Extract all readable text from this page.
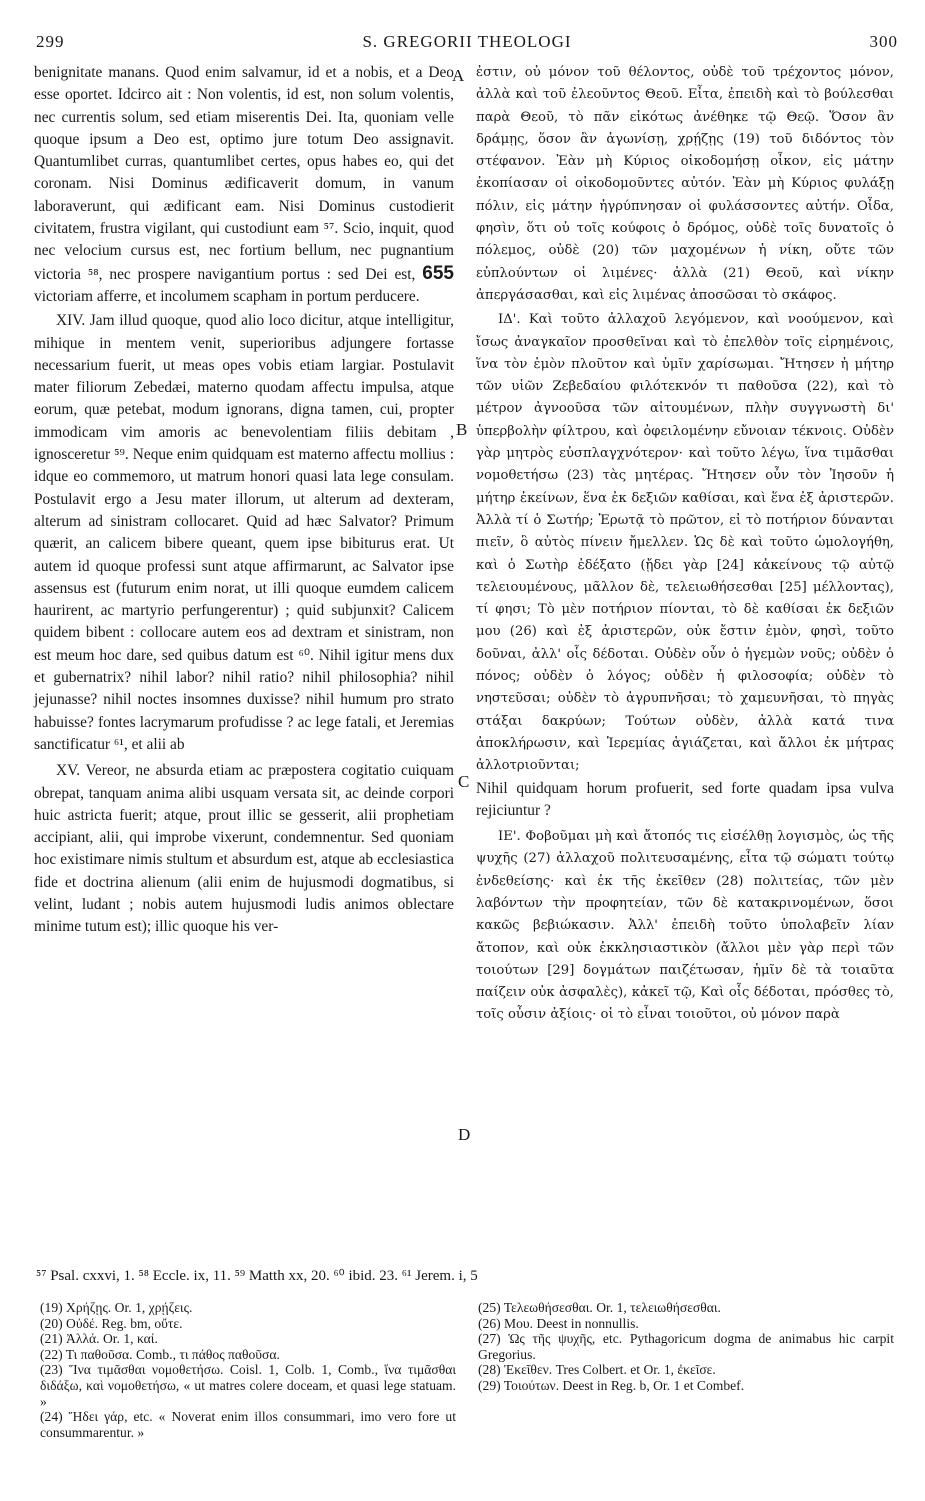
299	S. GREGORII THEOLOGI	300

benignitate manans. Quod enim salvamur, id et a nobis, et a Deo esse oportet. Idcirco ait : Non volentis, id est, non solum volentis, nec currentis solum, sed etiam miserentis Dei. Ita, quoniam velle quoque ipsum a Deo est, optimo jure totum Deo assignavit. Quantumlibet curras, quantumlibet certes, opus habes eo, qui det coronam. Nisi Dominus ædificaverit domum, in vanum laboraverunt, qui ædificant eam. Nisi Dominus custodierit civitatem, frustra vigilant, qui custodiunt eam ⁵⁷. Scio, inquit, quod nec velocium cursus est, nec fortium bellum, nec pugnantium victoria ⁵⁸, nec prospere navigantium portus : sed Dei est, 655 victoriam afferre, et incolumem scapham in portum perducere.

XIV. Jam illud quoque, quod alio loco dicitur, atque intelligitur, mihique in mentem venit, superioribus adjungere fortasse necessarium fuerit, ut meas opes vobis etiam largiar. Postulavit mater filiorum Zebedæi, materno quodam affectu impulsa, atque eorum, quæ petebat, modum ignorans, digna tamen, cui, propter immodicam vim amoris ac benevolentiam filiis debitam , ignosceretur ⁵⁹. Neque enim quidquam est materno affectu mollius : idque eo commemoro, ut matrum honori quasi lata lege consulam. Postulavit ergo a Jesu mater illorum, ut alterum ad dexteram, alterum ad sinistram collocaret. Quid ad hæc Salvator? Primum quærit, an calicem bibere queant, quem ipse bibiturus erat. Ut autem id quoque professi sunt atque affirmarunt, ac Salvator ipse assensus est (futurum enim norat, ut illi quoque eumdem calicem haurirent, ac martyrio perfungerentur) ; quid subjunxit? Calicem quidem bibent : collocare autem eos ad dextram et sinistram, non est meum hoc dare, sed quibus datum est ⁶⁰. Nihil igitur mens dux et gubernatrix? nihil labor? nihil ratio? nihil philosophia? nihil jejunasse? nihil noctes insomnes duxisse? nihil humum pro strato habuisse? fontes lacrymarum profudisse ? ac lege fatali, et Jeremias sanctificatur ⁶¹, et alii ab

XV. Vereor, ne absurda etiam ac præpostera cogitatio cuiquam obrepat, tanquam anima alibi usquam versata sit, ac deinde corpori huic astricta fuerit; atque, prout illic se gesserit, alii prophetiam accipiant, alii, qui improbe vixerunt, condemnentur. Sed quoniam hoc existimare nimis stultum et absurdum est, atque ab ecclesiastica fide et doctrina alienum (alii enim de hujusmodi dogmatibus, si velint, ludant ; nobis autem hujusmodi ludis animos oblectare minime tutum est); illic quoque his ver-

A
B
C
D

ἐστιν, οὐ μόνον τοῦ θέλοντος, οὐδὲ τοῦ τρέχοντος μόνον, ἀλλὰ καὶ τοῦ ἐλεοῦντος Θεοῦ. Εἶτα, ἐπειδὴ καὶ τὸ βούλεσθαι παρὰ Θεοῦ, τὸ πᾶν εἰκότως ἀνέθηκε τῷ Θεῷ. Ὅσον ἂν δράμῃς, ὅσον ἂν ἀγωνίσῃ, χρῄζῃς (19) τοῦ διδόντος τὸν στέφανον. Ἐὰν μὴ Κύριος οἰκοδομήσῃ οἶκον, εἰς μάτην ἐκοπίασαν οἱ οἰκοδομοῦντες αὐτόν. Ἐὰν μὴ Κύριος φυλάξῃ πόλιν, εἰς μάτην ἠγρύπνησαν οἱ φυλάσσοντες αὐτήν. Οἶδα, φησὶν, ὅτι οὐ τοῖς κούφοις ὁ δρόμος, οὐδὲ τοῖς δυνατοῖς ὁ πόλεμος, οὐδὲ (20) τῶν μαχομένων ἡ νίκη, οὔτε τῶν εὐπλούντων οἱ λιμένες· ἀλλὰ (21) Θεοῦ, καὶ νίκην ἀπεργάσασθαι, καὶ εἰς λιμένας ἀποσῶσαι τὸ σκάφος.

ΙΔ'. Καὶ τοῦτο ἀλλαχοῦ λεγόμενον, καὶ νοούμενον, καὶ ἴσως ἀναγκαῖον προσθεῖναι καὶ τὸ ἐπελθὸν τοῖς εἰρημένοις, ἵνα τὸν ἐμὸν πλοῦτον καὶ ὑμῖν χαρίσωμαι. Ἤτησεν ἡ μήτηρ τῶν υἱῶν Ζεβεδαίου φιλότεκνόν τι παθοῦσα (22), καὶ τὸ μέτρον ἀγνοοῦσα τῶν αἰτουμένων, πλὴν συγγνωστὴ δι' ὑπερβολὴν φίλτρου, καὶ ὀφειλομένην εὔνοιαν τέκνοις. Οὐδὲν γὰρ μητρὸς εὐσπλαγχνότερον· καὶ τοῦτο λέγω, ἵνα τιμᾶσθαι νομοθετήσω (23) τὰς μητέρας. Ἤτησεν οὖν τὸν Ἰησοῦν ἡ μήτηρ ἐκείνων, ἕνα ἐκ δεξιῶν καθίσαι, καὶ ἕνα ἐξ ἀριστερῶν. Ἀλλὰ τί ὁ Σωτήρ; Ἐρωτᾷ τὸ πρῶτον, εἰ τὸ ποτήριον δύνανται πιεῖν, ὃ αὐτὸς πίνειν ἤμελλεν. Ὡς δὲ καὶ τοῦτο ὡμολογήθη, καὶ ὁ Σωτὴρ ἐδέξατο (ᾔδει γὰρ [24] κἀκείνους τῷ αὐτῷ τελειουμένους, μᾶλλον δὲ, τελειωθήσεσθαι [25] μέλλοντας), τί φησι; Τὸ μὲν ποτήριον πίονται, τὸ δὲ καθίσαι ἐκ δεξιῶν μου (26) καὶ ἐξ ἀριστερῶν, οὐκ ἔστιν ἐμὸν, φησὶ, τοῦτο δοῦναι, ἀλλ' οἷς δέδοται. Οὐδὲν οὖν ὁ ἡγεμὼν νοῦς; οὐδὲν ὁ πόνος; οὐδὲν ὁ λόγος; οὐδὲν ἡ φιλοσοφία; οὐδὲν τὸ νηστεῦσαι; οὐδὲν τὸ ἀγρυπνῆσαι; τὸ χαμευνῆσαι, τὸ πηγὰς στάξαι δακρύων; Τούτων οὐδὲν, ἀλλὰ κατά τινα ἀποκλήρωσιν, καὶ Ἱερεμίας ἁγιάζεται, καὶ ἄλλοι ἐκ μήτρας ἀλλοτριοῦνται;

Nihil quidquam horum profuerit, sed forte quadam ipsa vulva rejiciuntur ?

ΙΕ'. Φοβοῦμαι μὴ καὶ ἄτοπός τις εἰσέλθῃ λογισμὸς, ὡς τῆς ψυχῆς (27) ἀλλαχοῦ πολιτευσαμένης, εἶτα τῷ σώματι τούτῳ ἐνδεθείσης· καὶ ἐκ τῆς ἐκεῖθεν (28) πολιτείας, τῶν μὲν λαβόντων τὴν προφητείαν, τῶν δὲ κατακρινομένων, ὅσοι κακῶς βεβιώκασιν. Ἀλλ' ἐπειδὴ τοῦτο ὑπολαβεῖν λίαν ἄτοπον, καὶ οὐκ ἐκκλησιαστικὸν (ἄλλοι μὲν γὰρ περὶ τῶν τοιούτων [29] δογμάτων παιζέτωσαν, ἡμῖν δὲ τὰ τοιαῦτα παίζειν οὐκ ἀσφαλὲς), κἀκεῖ τῷ, Καὶ οἷς δέδοται, πρόσθες τὸ, τοῖς οὖσιν ἀξίοις· οἱ τὸ εἶναι τοιοῦτοι, οὐ μόνον παρὰ

⁵⁷ Psal. cxxvi, 1. ⁵⁸ Eccle. ix, 11. ⁵⁹ Matth xx, 20. ⁶⁰ ibid. 23. ⁶¹ Jerem. i, 5

(19) Χρήζῃς. Or. 1, χρῄζεις.

(20) Οὐδέ. Reg. bm, οὔτε.

(21) Ἀλλά. Or. 1, καί.

(22) Τι παθοῦσα. Comb., τι πάθος παθοῦσα.

(23) Ἵνα τιμᾶσθαι νομοθετήσω. Coisl. 1, Colb. 1, Comb., ἵνα τιμᾶσθαι διδάξω, καὶ νομοθετήσω, « ut matres colere doceam, et quasi lege statuam. »

(24) Ἤδει γάρ, etc. « Noverat enim illos consummari, imo vero fore ut consummarentur. »

(25) Τελεωθήσεσθαι. Or. 1, τελειωθήσεσθαι.

(26) Μου. Deest in nonnullis.

(27) Ὡς τῆς ψυχῆς, etc. Pythagoricum dogma de animabus hic carpit Gregorius.

(28) Ἐκεῖθεν. Tres Colbert. et Or. 1, ἐκεῖσε.

(29) Τοιούτων. Deest in Reg. b, Or. 1 et Combef.
